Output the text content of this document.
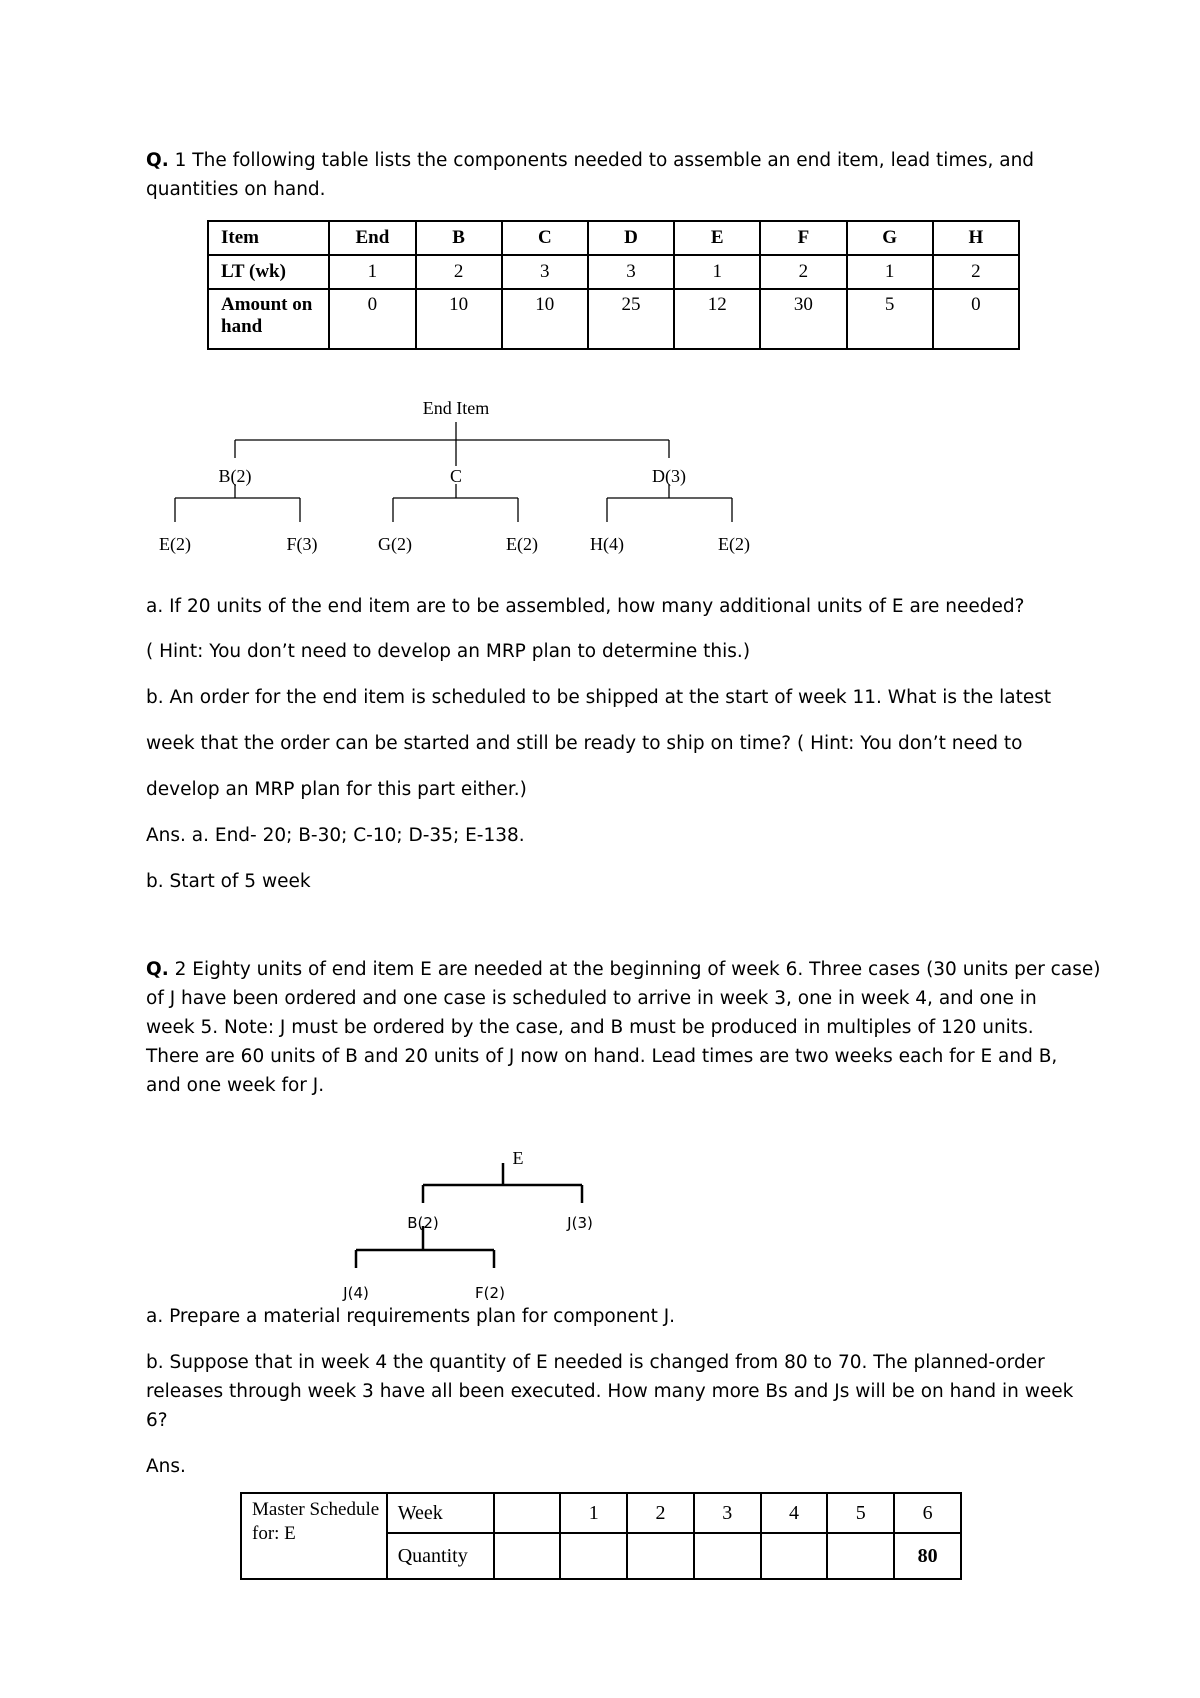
Q. 1 The following table lists the components needed to assemble an end item, lead times, and
quantities on hand.
Item	End	B	C	D	E	F	G	H
LT (wk)	1	2	3	3	1	2	1	2
Amount on hand	0	10	10	25	12	30	5	0
End Item
B(2)	C	D(3)
E(2)	F(3)	G(2)	E(2)	H(4)	E(2)
a. If 20 units of the end item are to be assembled, how many additional units of E are needed?
( Hint: You don’t need to develop an MRP plan to determine this.)
b. An order for the end item is scheduled to be shipped at the start of week 11. What is the latest
week that the order can be started and still be ready to ship on time? ( Hint: You don’t need to
develop an MRP plan for this part either.)
Ans. a. End- 20; B-30; C-10; D-35; E-138.
b. Start of 5 week
Q. 2 Eighty units of end item E are needed at the beginning of week 6. Three cases (30 units per case)
of J have been ordered and one case is scheduled to arrive in week 3, one in week 4, and one in
week 5. Note: J must be ordered by the case, and B must be produced in multiples of 120 units.
There are 60 units of B and 20 units of J now on hand. Lead times are two weeks each for E and B,
and one week for J.
E
B(2)	J(3)
J(4)	F(2)
a. Prepare a material requirements plan for component J.
b. Suppose that in week 4 the quantity of E needed is changed from 80 to 70. The planned-order
releases through week 3 have all been executed. How many more Bs and Js will be on hand in week
6?
Ans.
Master Schedule for: E	Week		1	2	3	4	5	6
	Quantity							80
